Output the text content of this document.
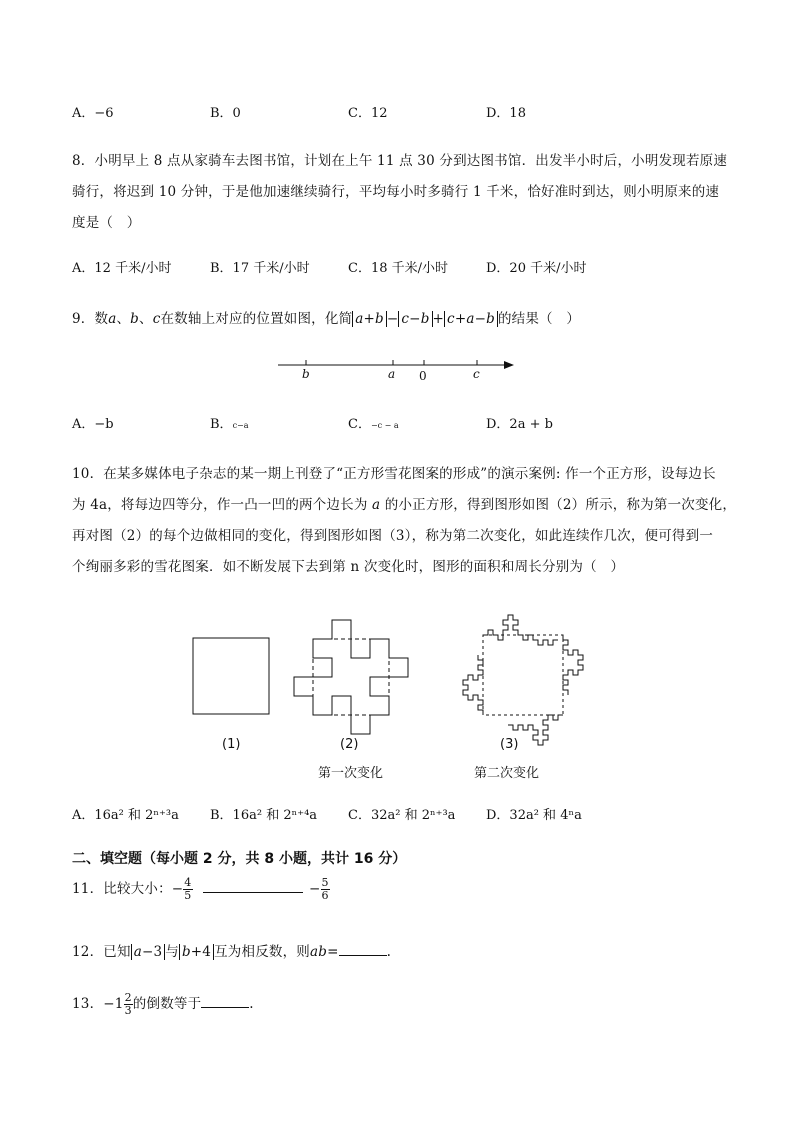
A．−6	B．0	C．12	D．18
8．小明早上 8 点从家骑车去图书馆，计划在上午 11 点 30 分到达图书馆．出发半小时后，小明发现若原速
骑行，将迟到 10 分钟，于是他加速继续骑行，平均每小时多骑行 1 千米，恰好准时到达，则小明原来的速
度是（　）
A．12 千米/小时	B．17 千米/小时	C．18 千米/小时	D．20 千米/小时
9．数a、b、c在数轴上对应的位置如图，化简 a+b − c−b + c+a−b 的结果（　）
b	a 0	c
A．−b	B．c−a	C．−c − a	D．2a + b
10．在某多媒体电子杂志的某一期上刊登了“正方形雪花图案的形成”的演示案例: 作一个正方形，设每边长
为 4a，将每边四等分，作一凸一凹的两个边长为 a 的小正方形，得到图形如图（2）所示，称为第一次变化，
再对图（2）的每个边做相同的变化，得到图形如图（3），称为第二次变化，如此连续作几次，便可得到一
个绚丽多彩的雪花图案．如不断发展下去到第 n 次变化时，图形的面积和周长分别为（　）
(1)	(2)	(3)
第一次变化	第二次变化
A．16a² 和 2ⁿ⁺³a B．16a² 和 2ⁿ⁺⁴a C．32a² 和 2ⁿ⁺³a D．32a² 和 4ⁿa
二、填空题（每小题 2 分，共 8 小题，共计 16 分）
11．比较大小：− $\frac{4}{5}$	− $\frac{5}{6}$
12．已知 a−3 与 b+4 互为相反数，则ab=	.
13．$-1 \frac{2}{3}$ 的倒数等于	.
